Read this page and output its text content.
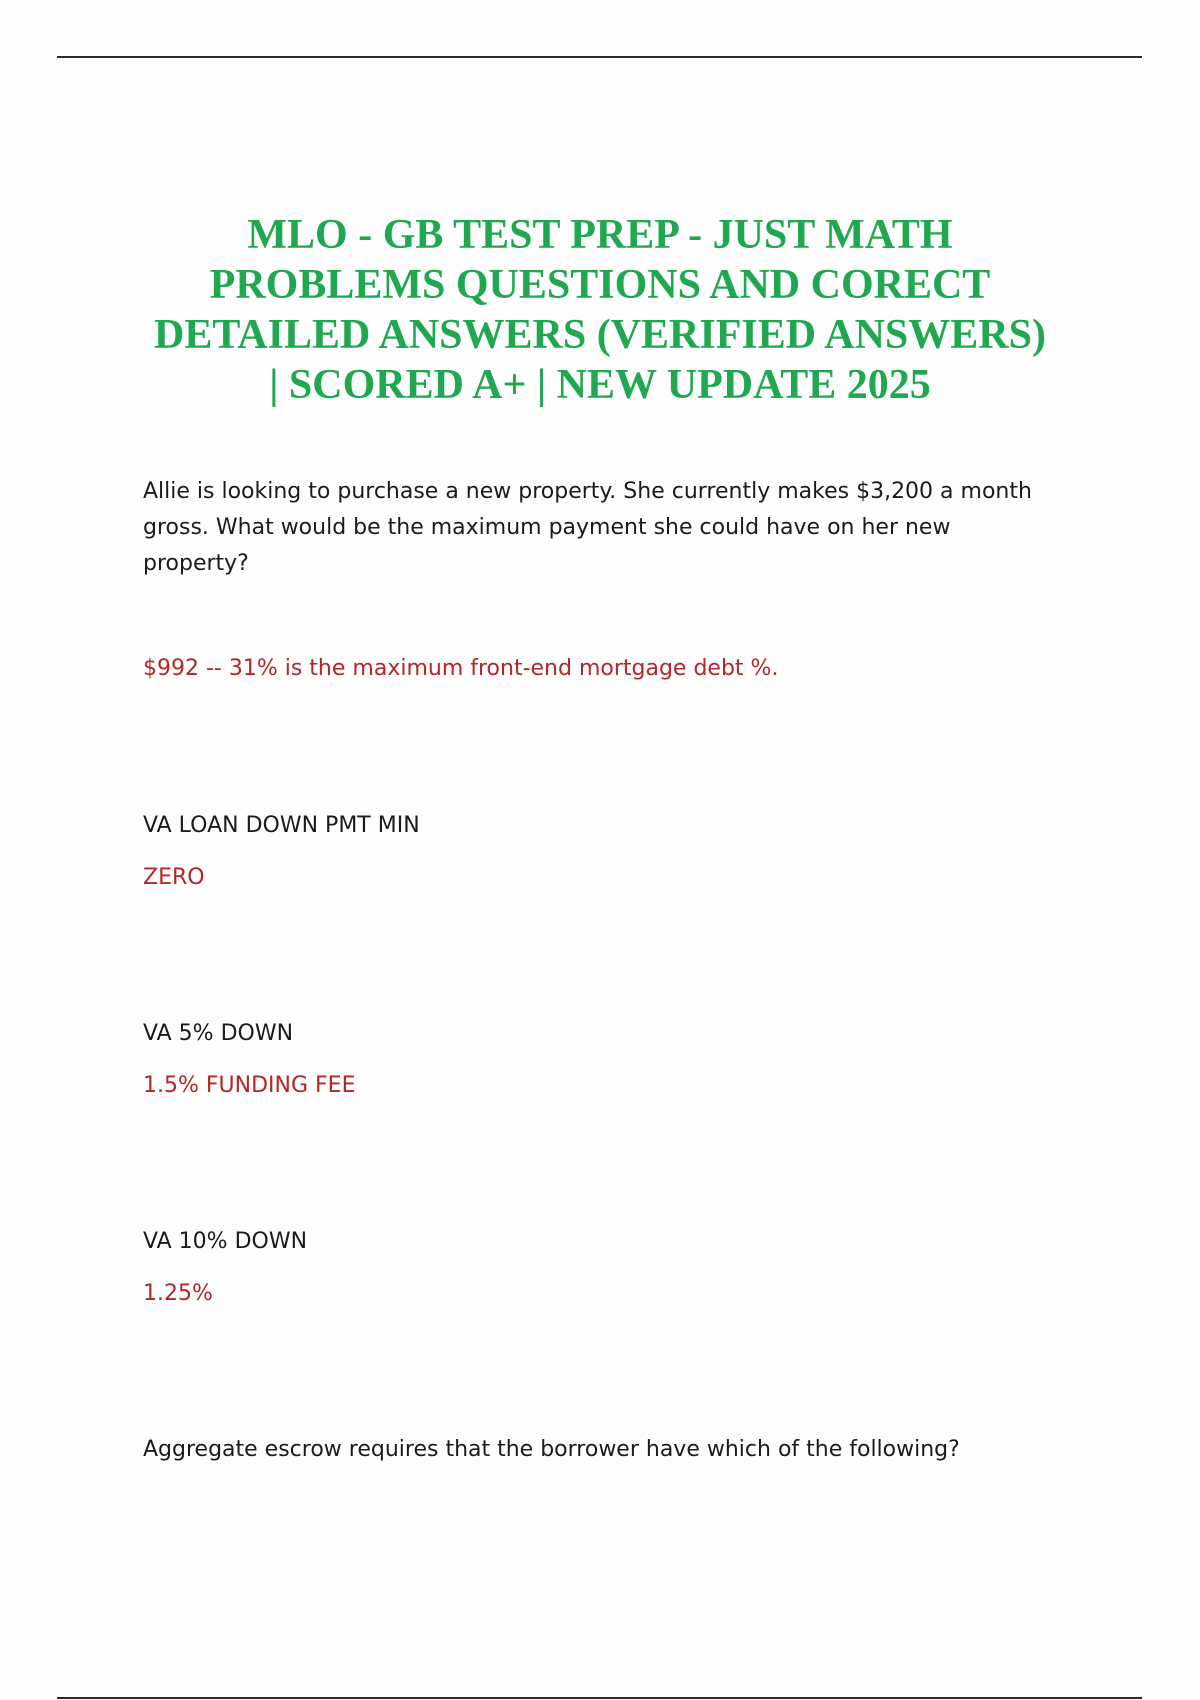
MLO - GB TEST PREP - JUST MATH
PROBLEMS QUESTIONS AND CORECT
DETAILED ANSWERS (VERIFIED ANSWERS)
| SCORED A+ | NEW UPDATE 2025
Allie is looking to purchase a new property. She currently makes $3,200 a month
gross. What would be the maximum payment she could have on her new
property?
$992 -- 31% is the maximum front-end mortgage debt %.
VA LOAN DOWN PMT MIN
ZERO
VA 5% DOWN
1.5% FUNDING FEE
VA 10% DOWN
1.25%
Aggregate escrow requires that the borrower have which of the following?
